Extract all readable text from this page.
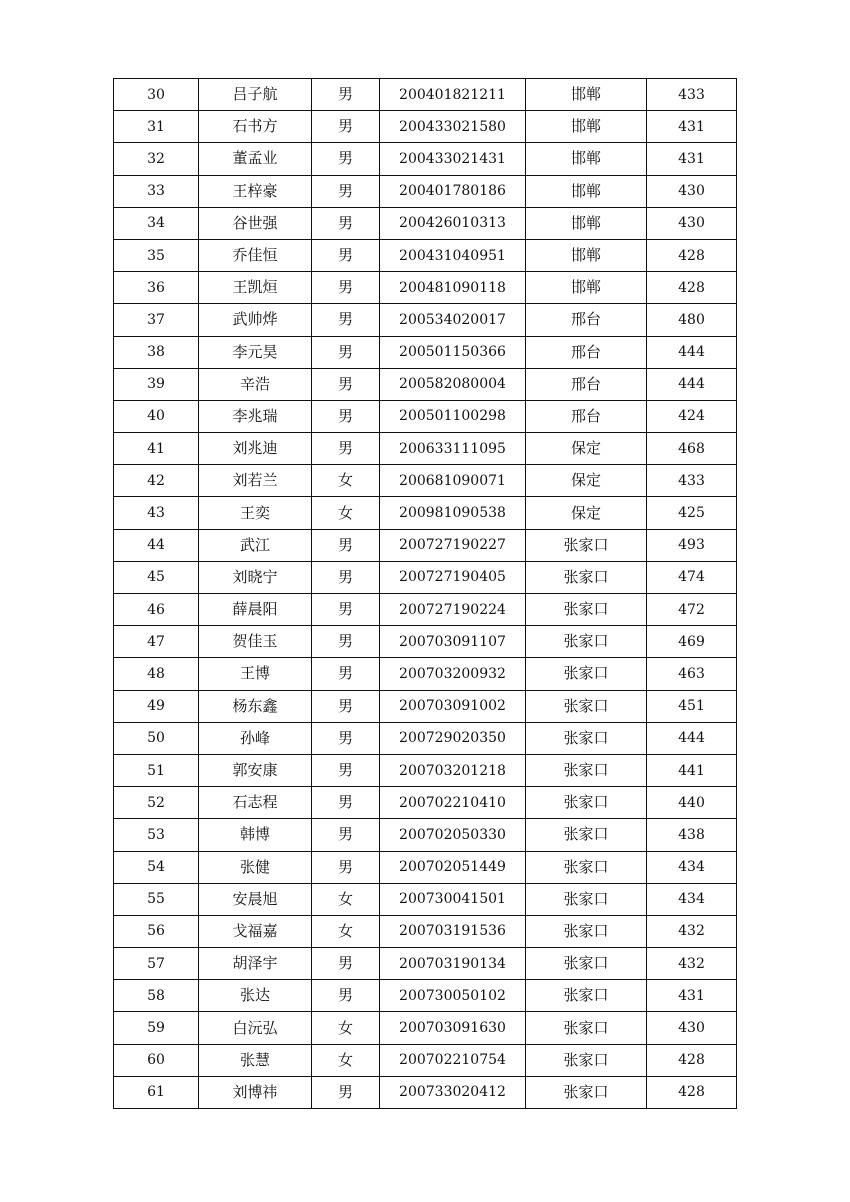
30	吕子航	男	200401821211	邯郸	433
31	石书方	男	200433021580	邯郸	431
32	董孟业	男	200433021431	邯郸	431
33	王梓豪	男	200401780186	邯郸	430
34	谷世强	男	200426010313	邯郸	430
35	乔佳恒	男	200431040951	邯郸	428
36	王凯烜	男	200481090118	邯郸	428
37	武帅烨	男	200534020017	邢台	480
38	李元昊	男	200501150366	邢台	444
39	辛浩	男	200582080004	邢台	444
40	李兆瑞	男	200501100298	邢台	424
41	刘兆迪	男	200633111095	保定	468
42	刘若兰	女	200681090071	保定	433
43	王奕	女	200981090538	保定	425
44	武江	男	200727190227	张家口	493
45	刘晓宁	男	200727190405	张家口	474
46	薛晨阳	男	200727190224	张家口	472
47	贺佳玉	男	200703091107	张家口	469
48	王博	男	200703200932	张家口	463
49	杨东鑫	男	200703091002	张家口	451
50	孙峰	男	200729020350	张家口	444
51	郭安康	男	200703201218	张家口	441
52	石志程	男	200702210410	张家口	440
53	韩博	男	200702050330	张家口	438
54	张健	男	200702051449	张家口	434
55	安晨旭	女	200730041501	张家口	434
56	戈福嘉	女	200703191536	张家口	432
57	胡泽宇	男	200703190134	张家口	432
58	张达	男	200730050102	张家口	431
59	白沅弘	女	200703091630	张家口	430
60	张慧	女	200702210754	张家口	428
61	刘博祎	男	200733020412	张家口	428
